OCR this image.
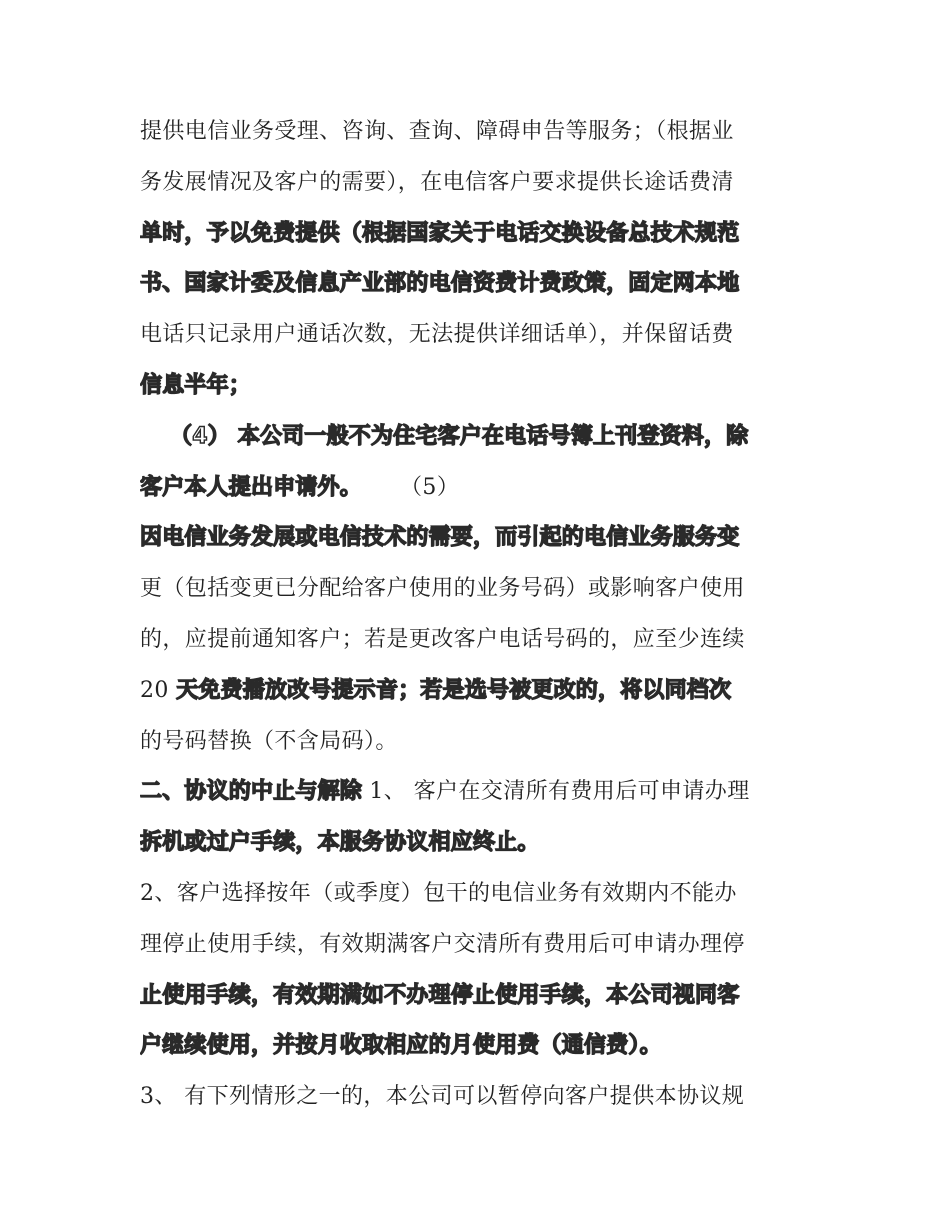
提供电信业务受理、咨询、查询、障碍申告等服务；（根据业
务发展情况及客户的需要），在电信客户要求提供长途话费清
单时，予以免费提供（根据国家关于电话交换设备总技术规范
书、国家计委及信息产业部的电信资费计费政策，固定网本地
电话只记录用户通话次数，无法提供详细话单），并保留话费
信息半年；
（4） 本公司一般不为住宅客户在电话号簿上刊登资料，除
客户本人提出申请外。 （5）
因电信业务发展或电信技术的需要，而引起的电信业务服务变
更（包括变更已分配给客户使用的业务号码）或影响客户使用
的，应提前通知客户；若是更改客户电话号码的，应至少连续
20 天免费播放改号提示音；若是选号被更改的，将以同档次
的号码替换（不含局码）。
二、协议的中止与解除 1、 客户在交清所有费用后可申请办理
拆机或过户手续，本服务协议相应终止。
2、客户选择按年（或季度）包干的电信业务有效期内不能办
理停止使用手续，有效期满客户交清所有费用后可申请办理停
止使用手续，有效期满如不办理停止使用手续，本公司视同客
户继续使用，并按月收取相应的月使用费（通信费）。
3、 有下列情形之一的，本公司可以暂停向客户提供本协议规
